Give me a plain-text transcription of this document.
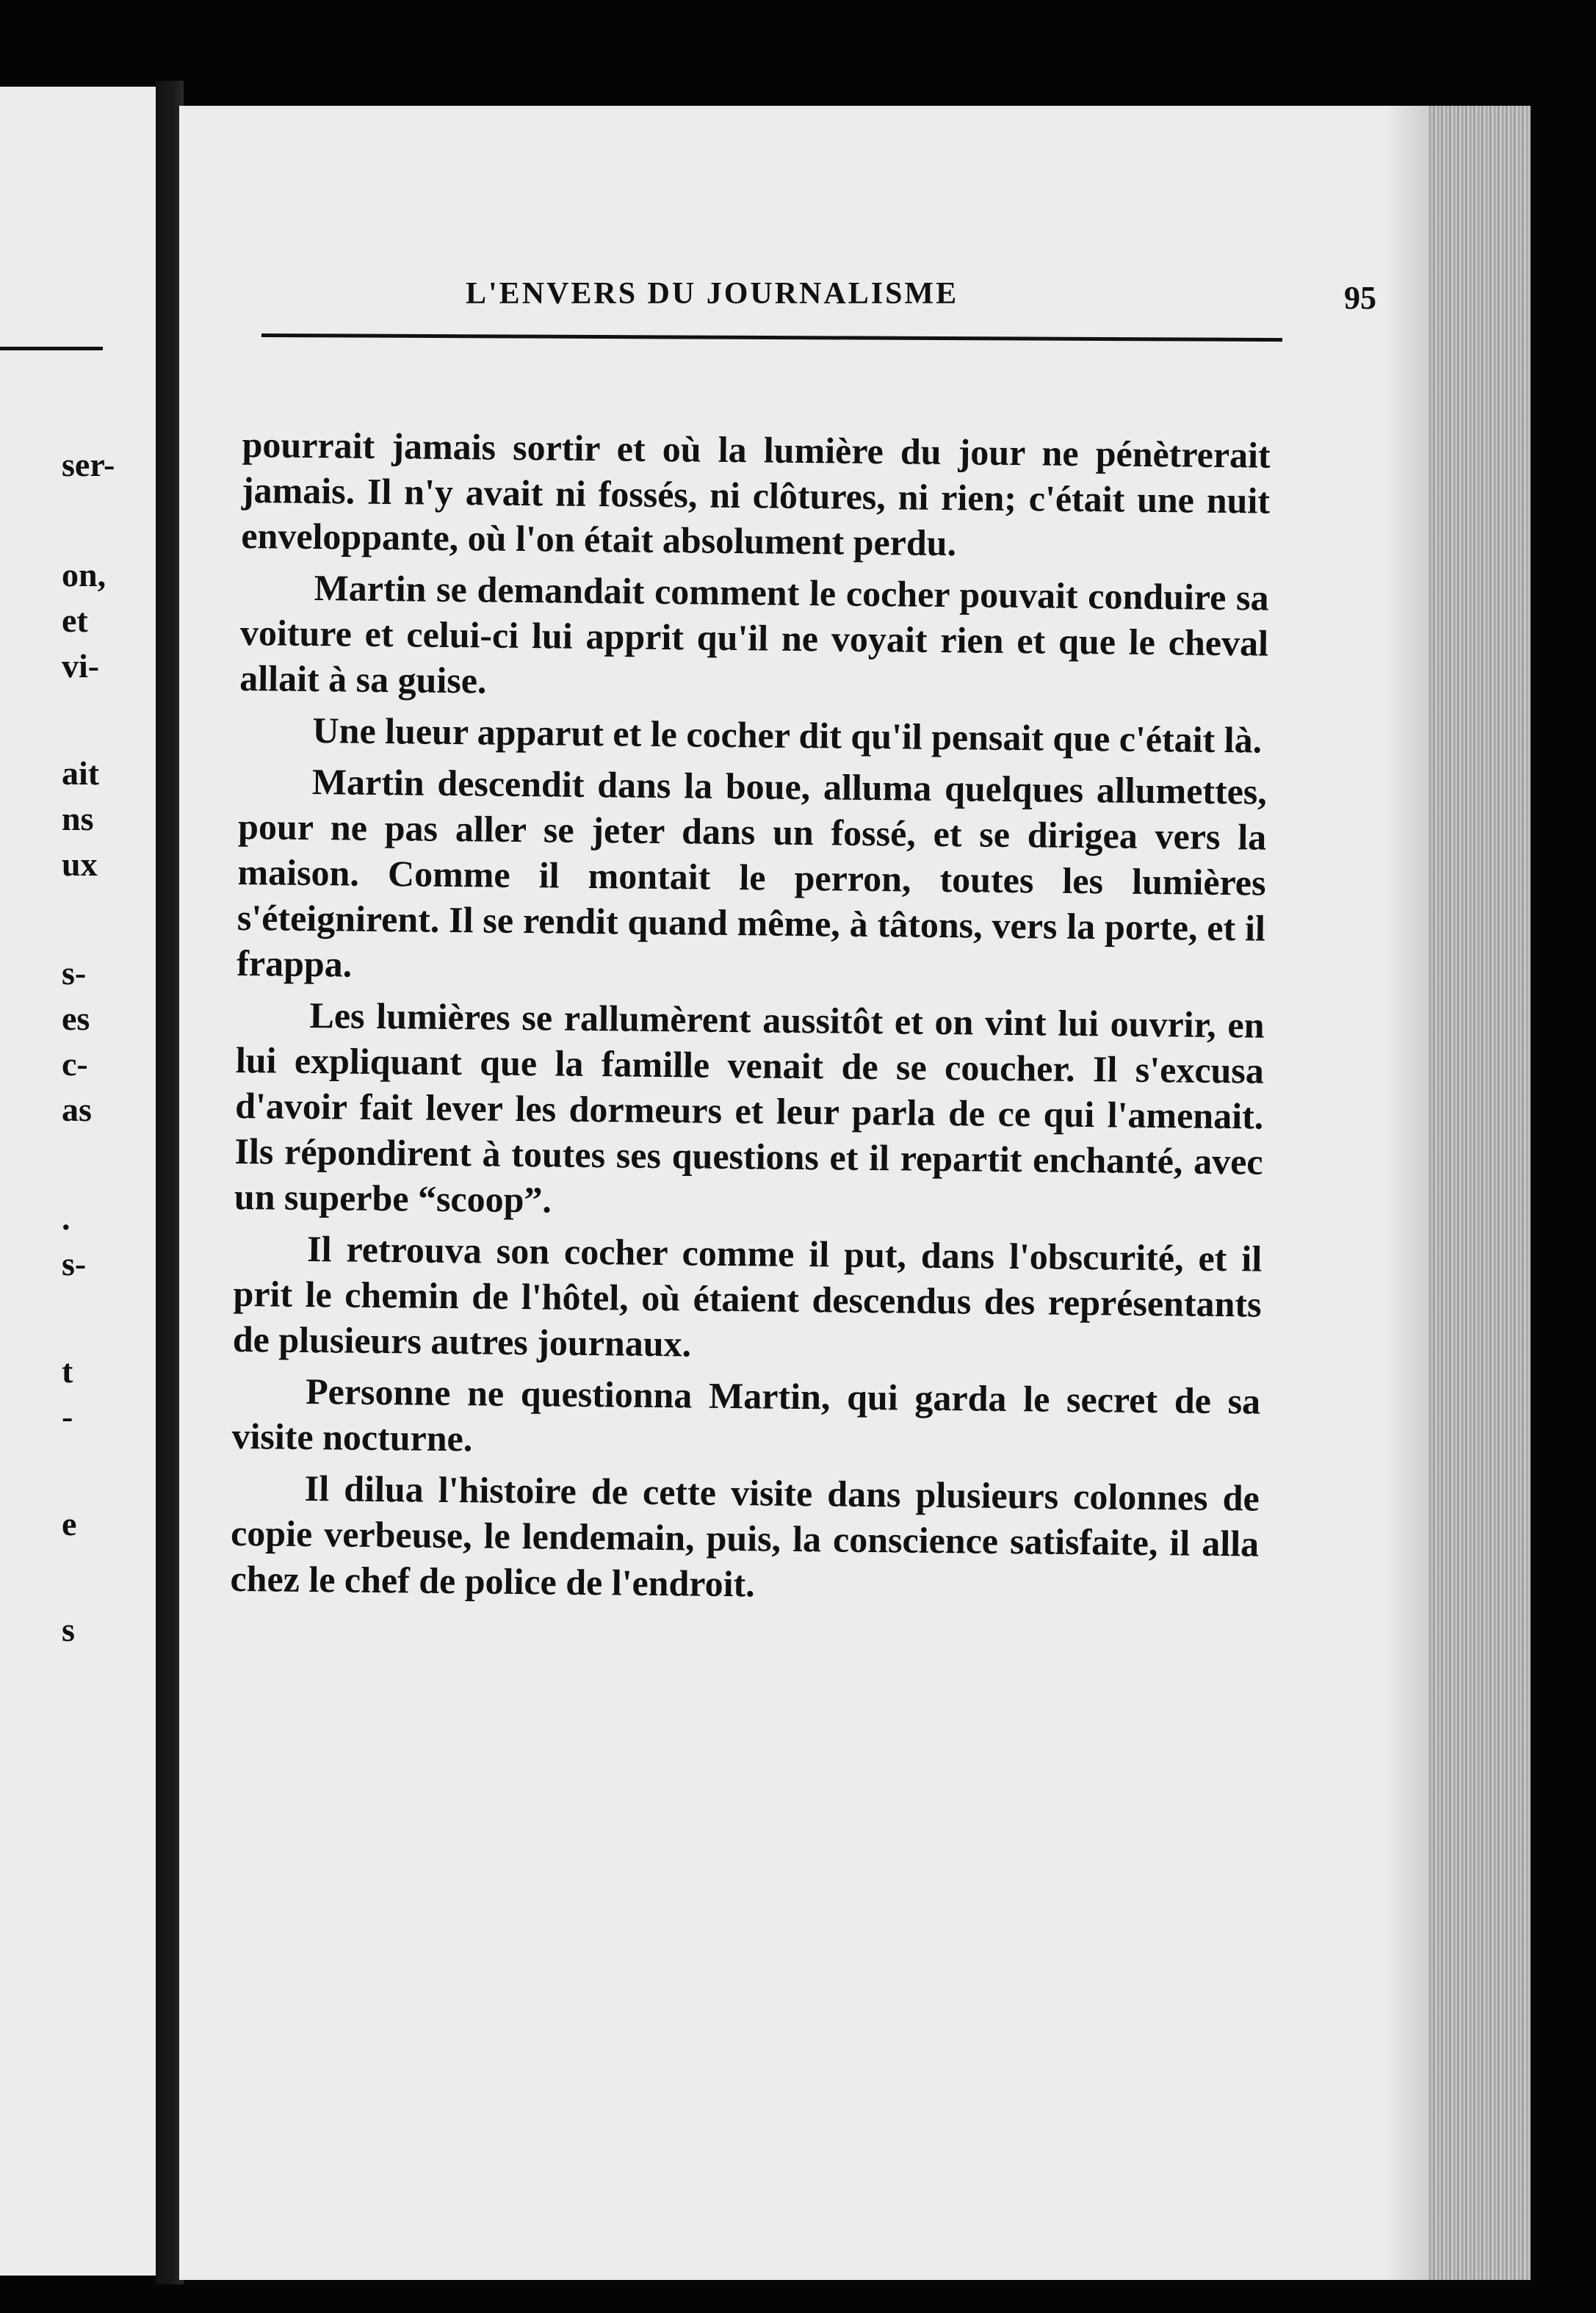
ser-
on,
et
vi-
ait
ns
ux
s-
es
c-
as
.
s-
t
-
e
s
L'ENVERS DU JOURNALISME	95

pourrait jamais sortir et où la lumière du jour ne pénètrerait jamais. Il n'y avait ni fossés, ni clôtures, ni rien; c'était une nuit enveloppante, où l'on était absolument perdu.

Martin se demandait comment le cocher pouvait conduire sa voiture et celui-ci lui apprit qu'il ne voyait rien et que le cheval allait à sa guise.

Une lueur apparut et le cocher dit qu'il pensait que c'était là.

Martin descendit dans la boue, alluma quelques allumettes, pour ne pas aller se jeter dans un fossé, et se dirigea vers la maison. Comme il montait le perron, toutes les lumières s'éteignirent. Il se rendit quand même, à tâtons, vers la porte, et il frappa.

Les lumières se rallumèrent aussitôt et on vint lui ouvrir, en lui expliquant que la famille venait de se coucher. Il s'excusa d'avoir fait lever les dormeurs et leur parla de ce qui l'amenait. Ils répondirent à toutes ses questions et il repartit enchanté, avec un superbe “scoop”.

Il retrouva son cocher comme il put, dans l'obscurité, et il prit le chemin de l'hôtel, où étaient descendus des représentants de plusieurs autres journaux.

Personne ne questionna Martin, qui garda le secret de sa visite nocturne.

Il dilua l'histoire de cette visite dans plusieurs colonnes de copie verbeuse, le lendemain, puis, la conscience satisfaite, il alla chez le chef de police de l'endroit.
